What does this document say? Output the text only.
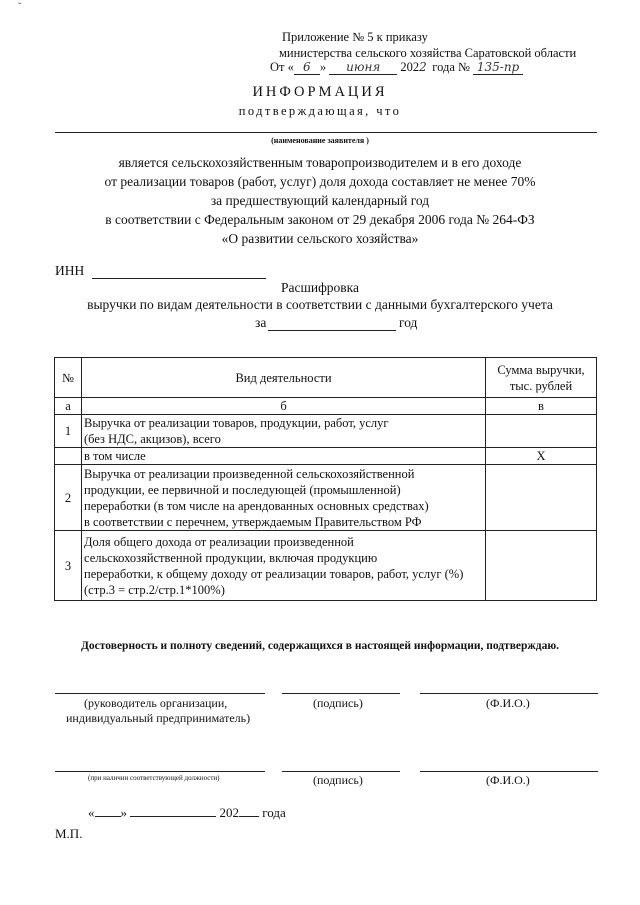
ˇ
Приложение № 5 к приказу
министерства сельского хозяйства Саратовской области
От « 6 » июня 2022 года № 135-пр
ИНФОРМАЦИЯ
подтверждающая, что
(наименование заявителя )
является сельскохозяйственным товаропроизводителем и в его доходе
от реализации товаров (работ, услуг) доля дохода составляет не менее 70%
за предшествующий календарный год
в соответствии с Федеральным законом от 29 декабря 2006 года № 264-ФЗ
«О развитии сельского хозяйства»
ИНН
Расшифровка
выручки по видам деятельности в соответствии с данными бухгалтерского учета
за	год
№	Вид деятельности	Сумма выручки, тыс. рублей
а	б	в
1	Выручка от реализации товаров, продукции, работ, услуг
(без НДС, акцизов), всего	

	в том числе	X
2	Выручка от реализации произведенной сельскохозяйственной
продукции, ее первичной и последующей (промышленной)
переработки (в том числе на арендованных основных средствах)
в соответствии с перечнем, утверждаемым Правительством РФ	

3	Доля общего дохода от реализации произведенной
сельскохозяйственной продукции, включая продукцию
переработки, к общему доходу от реализации товаров, работ, услуг (%)
(стр.3 = стр.2/стр.1*100%)	

Достоверность и полноту сведений, содержащихся в настоящей информации, подтверждаю.
(руководитель организации,
индивидуальный предприниматель)
(подпись)	(Ф.И.О.)
(при наличии соответствующей должности)	(подпись)	(Ф.И.О.)
« »	202 года
М.П.
